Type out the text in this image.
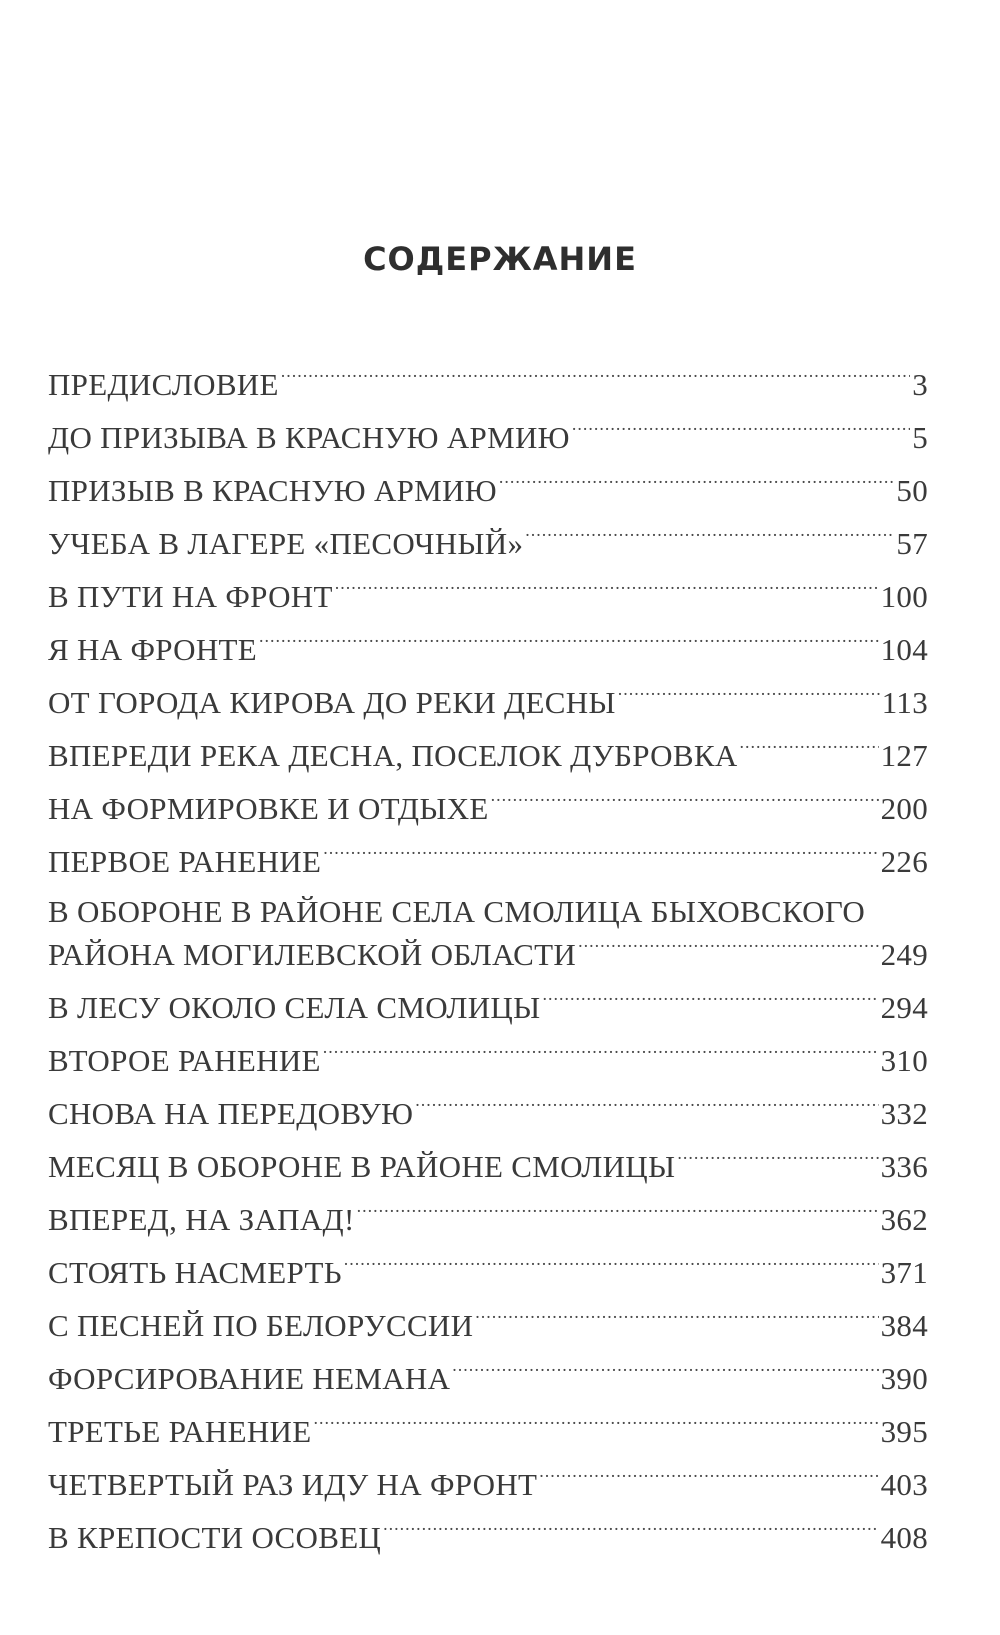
СОДЕРЖАНИЕ
ПРЕДИСЛОВИЕ .....	3
ДО ПРИЗЫВА В КРАСНУЮ АРМИЮ .....	5
ПРИЗЫВ В КРАСНУЮ АРМИЮ .....	50
УЧЕБА В ЛАГЕРЕ «ПЕСОЧНЫЙ» .....	57
В ПУТИ НА ФРОНТ .....	100
Я НА ФРОНТЕ .....	104
ОТ ГОРОДА КИРОВА ДО РЕКИ ДЕСНЫ .....	113
ВПЕРЕДИ РЕКА ДЕСНА, ПОСЕЛОК ДУБРОВКА .....	127
НА ФОРМИРОВКЕ И ОТДЫХЕ .....	200
ПЕРВОЕ РАНЕНИЕ .....	226
В ОБОРОНЕ В РАЙОНЕ СЕЛА СМОЛИЦА БЫХОВСКОГО
РАЙОНА МОГИЛЕВСКОЙ ОБЛАСТИ .....	249
В ЛЕСУ ОКОЛО СЕЛА СМОЛИЦЫ .....	294
ВТОРОЕ РАНЕНИЕ .....	310
СНОВА НА ПЕРЕДОВУЮ .....	332
МЕСЯЦ В ОБОРОНЕ В РАЙОНЕ СМОЛИЦЫ .....	336
ВПЕРЕД, НА ЗАПАД! .....	362
СТОЯТЬ НАСМЕРТЬ .....	371
С ПЕСНЕЙ ПО БЕЛОРУССИИ .....	384
ФОРСИРОВАНИЕ НЕМАНА .....	390
ТРЕТЬЕ РАНЕНИЕ .....	395
ЧЕТВЕРТЫЙ РАЗ ИДУ НА ФРОНТ .....	403
В КРЕПОСТИ ОСОВЕЦ .....	408
